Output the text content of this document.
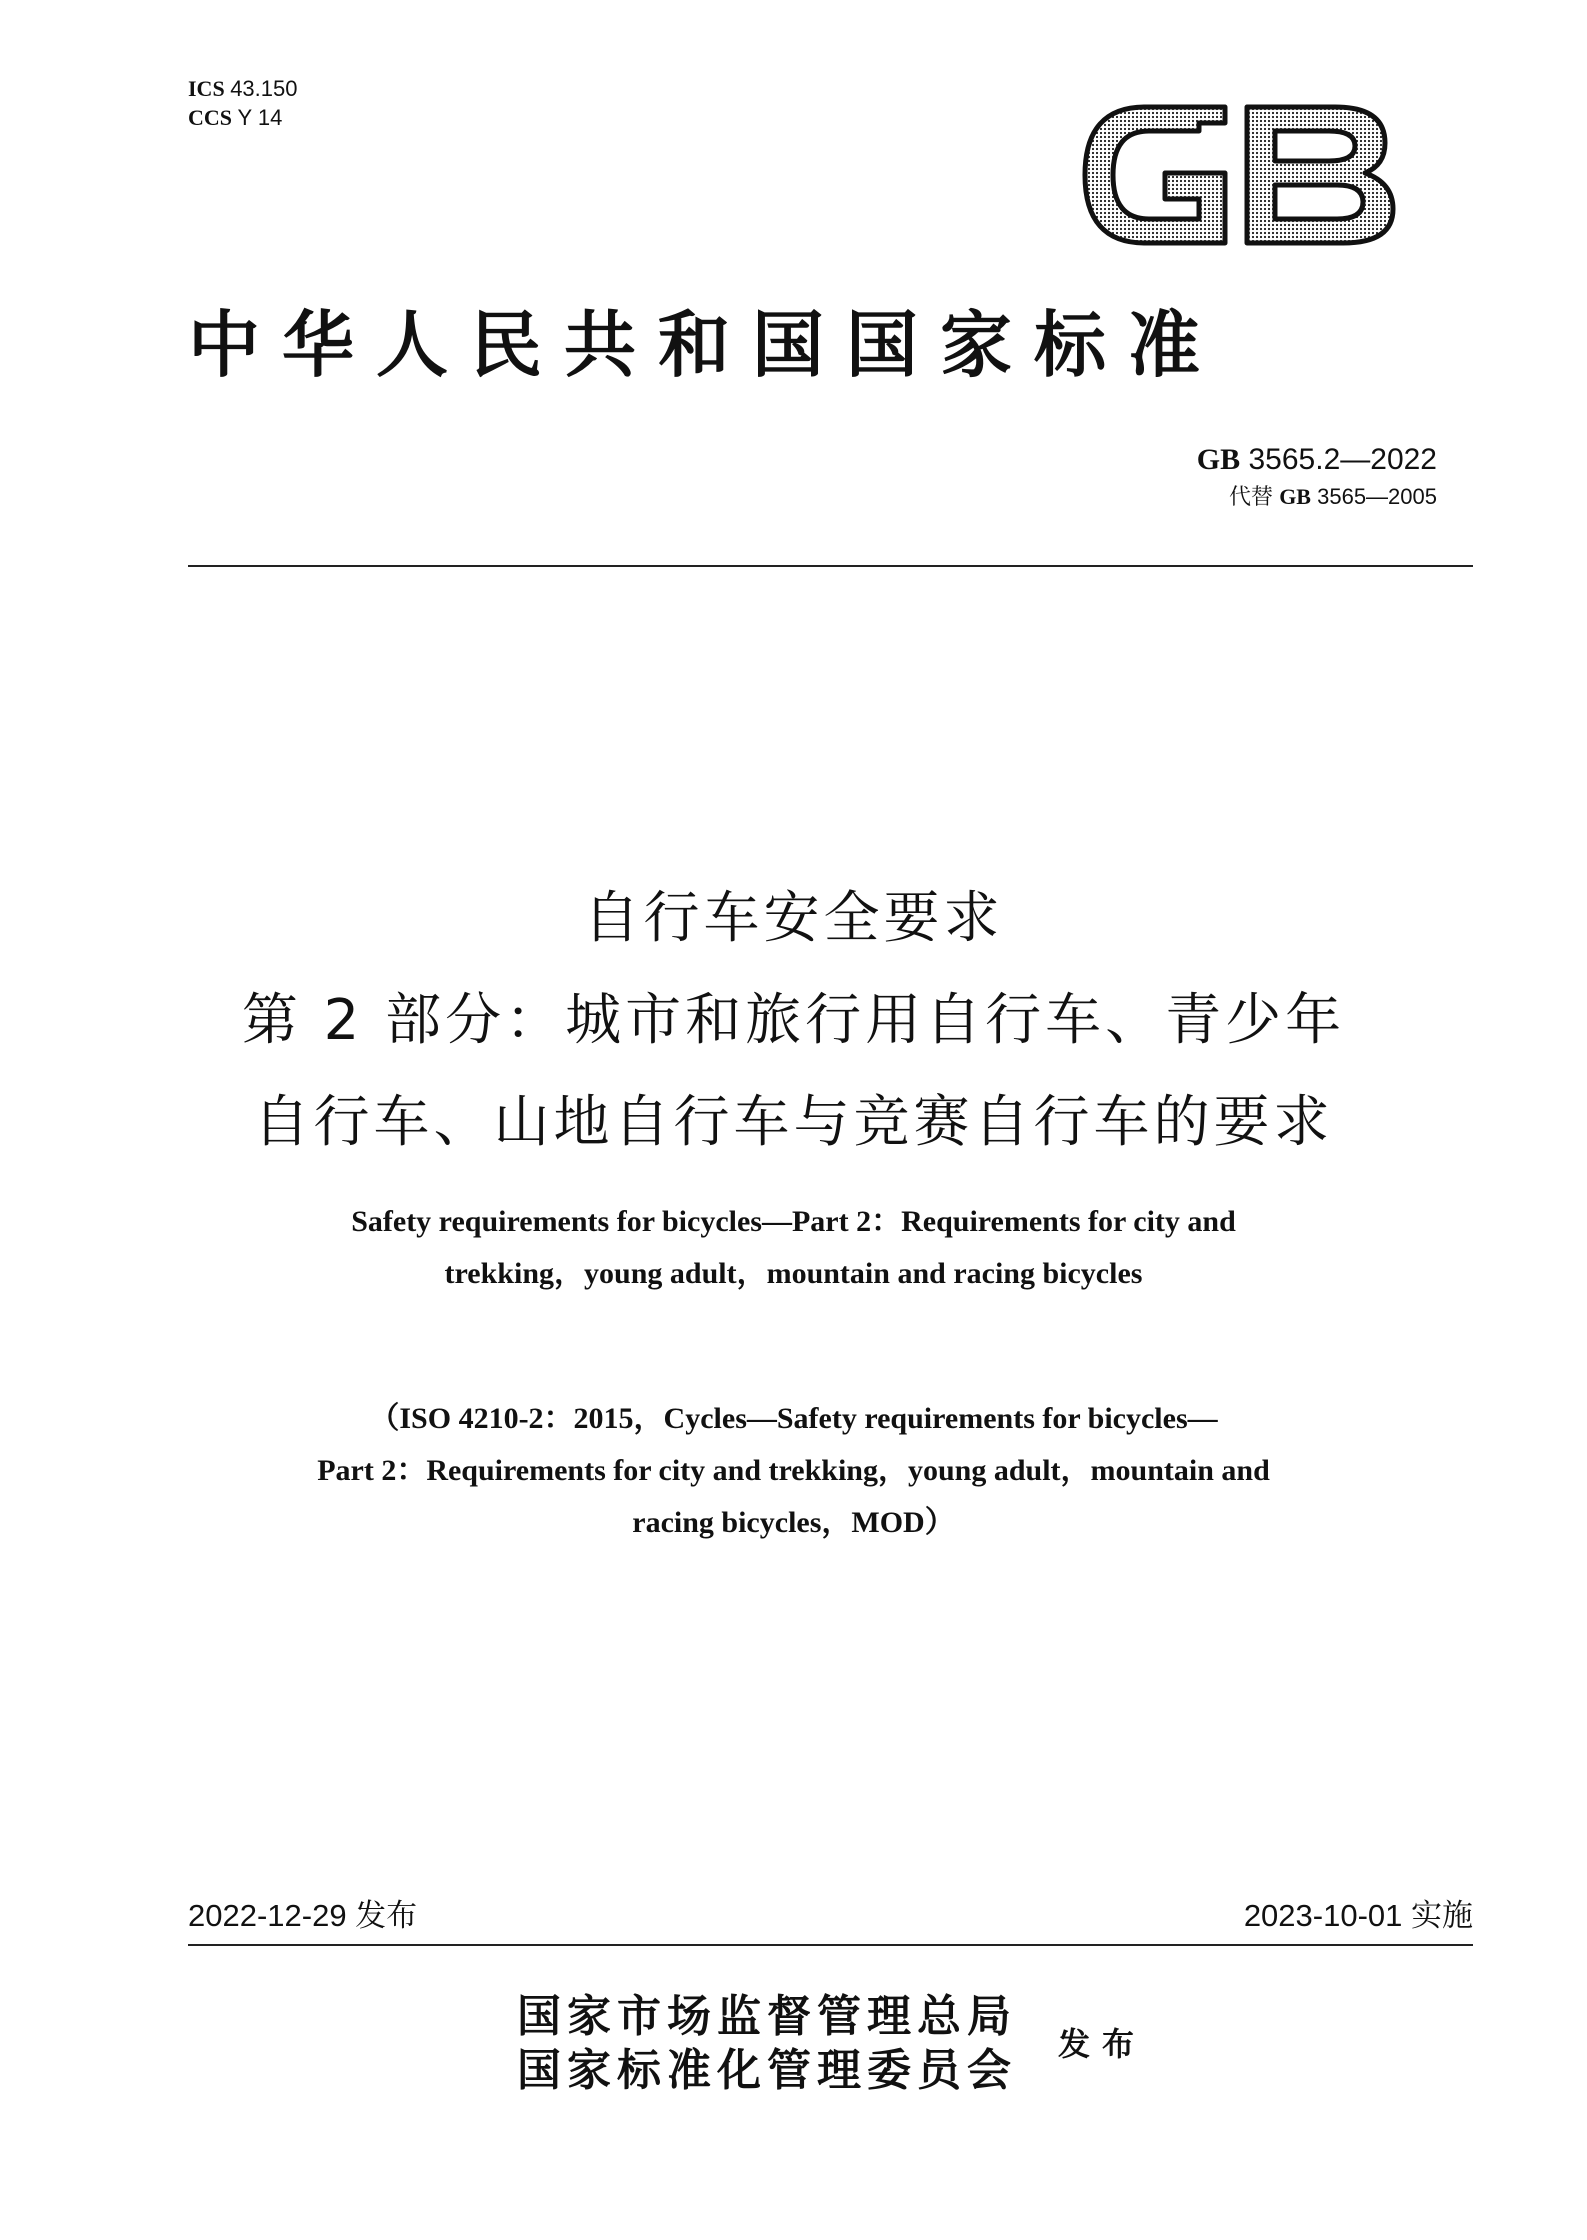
ICS 43.150
CCS Y 14
GB
中华人民共和国国家标准

GB 3565.2—2022

代替 GB 3565—2005

自行车安全要求
第 2 部分：城市和旅行用自行车、青少年
自行车、山地自行车与竞赛自行车的要求
Safety requirements for bicycles—Part 2：Requirements for city and
trekking，young adult，mountain and racing bicycles
（ISO 4210-2：2015，Cycles—Safety requirements for bicycles—
Part 2：Requirements for city and trekking，young adult，mountain and
racing bicycles，MOD）
2022-12-29 发布	2023-10-01 实施
国家市场监督管理总局
国家标准化管理委员会
发布
